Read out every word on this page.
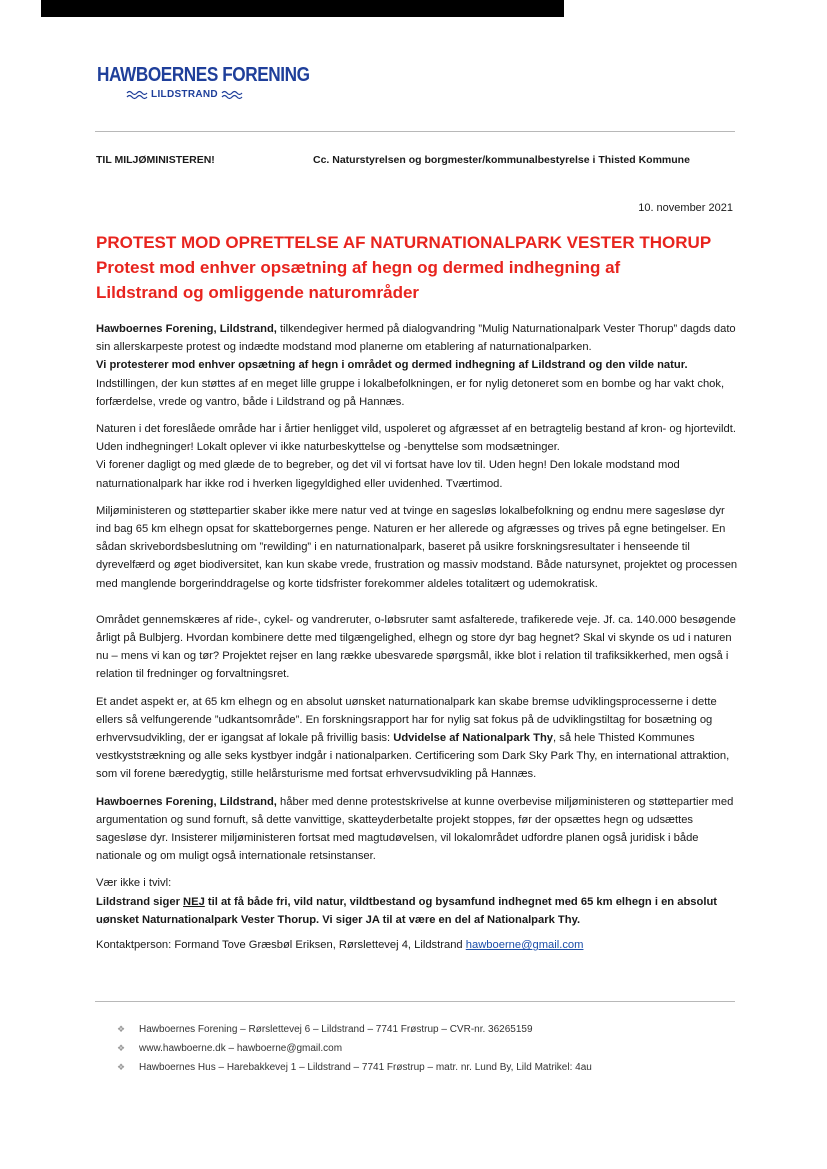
HAWBOERNES FORENING
LILDSTRAND
TIL MILJØMINISTEREN!	Cc. Naturstyrelsen og borgmester/kommunalbestyrelse i Thisted Kommune
10. november 2021
PROTEST MOD OPRETTELSE AF NATURNATIONALPARK VESTER THORUP
Protest mod enhver opsætning af hegn og dermed indhegning af
Lildstrand og omliggende naturområder

Hawboernes Forening, Lildstrand, tilkendegiver hermed på dialogvandring ”Mulig Naturnationalpark Vester Thorup” dagds dato sin allerskarpeste protest og indædte modstand mod planerne om etablering af naturnationalparken.
Vi protesterer mod enhver opsætning af hegn i området og dermed indhegning af Lildstrand og den vilde natur.
Indstillingen, der kun støttes af en meget lille gruppe i lokalbefolkningen, er for nylig detoneret som en bombe og har vakt chok, forfærdelse, vrede og vantro, både i Lildstrand og på Hannæs.

Naturen i det foreslåede område har i årtier henligget vild, uspoleret og afgræsset af en betragtelig bestand af kron- og hjortevildt. Uden indhegninger! Lokalt oplever vi ikke naturbeskyttelse og -benyttelse som modsætninger.
Vi forener dagligt og med glæde de to begreber, og det vil vi fortsat have lov til. Uden hegn! Den lokale modstand mod naturnationalpark har ikke rod i hverken ligegyldighed eller uvidenhed. Tværtimod.

Miljøministeren og støttepartier skaber ikke mere natur ved at tvinge en sagesløs lokalbefolkning og endnu mere sagesløse dyr ind bag 65 km elhegn opsat for skatteborgernes penge. Naturen er her allerede og afgræsses og trives på egne betingelser. En sådan skrivebordsbeslutning om ”rewilding” i en naturnationalpark, baseret på usikre forskningsresultater i henseende til dyrevelfærd og øget biodiversitet, kan kun skabe vrede, frustration og massiv modstand. Både natursynet, projektet og processen med manglende borgerinddragelse og korte tidsfrister forekommer aldeles totalitært og udemokratisk.

Området gennemskæres af ride-, cykel- og vandreruter, o-løbsruter samt asfalterede, trafikerede veje. Jf. ca. 140.000 besøgende årligt på Bulbjerg. Hvordan kombinere dette med tilgængelighed, elhegn og store dyr bag hegnet? Skal vi skynde os ud i naturen nu – mens vi kan og tør? Projektet rejser en lang række ubesvarede spørgsmål, ikke blot i relation til trafiksikkerhed, men også i relation til fredninger og forvaltningsret.

Et andet aspekt er, at 65 km elhegn og en absolut uønsket naturnationalpark kan skabe bremse udviklingsprocesserne i dette ellers så velfungerende ”udkantsområde”. En forskningsrapport har for nylig sat fokus på de udviklingstiltag for bosætning og erhvervsudvikling, der er igangsat af lokale på frivillig basis: Udvidelse af Nationalpark Thy, så hele Thisted Kommunes vestkyststrækning og alle seks kystbyer indgår i nationalparken. Certificering som Dark Sky Park Thy, en international attraktion, som vil forene bæredygtig, stille helårsturisme med fortsat erhvervsudvikling på Hannæs.

Hawboernes Forening, Lildstrand, håber med denne protestskrivelse at kunne overbevise miljøministeren og støttepartier med argumentation og sund fornuft, så dette vanvittige, skatteyderbetalte projekt stoppes, før der opsættes hegn og udsættes sagesløse dyr. Insisterer miljøministeren fortsat med magtudøvelsen, vil lokalområdet udfordre planen også juridisk i både nationale og om muligt også internationale retsinstanser.

Vær ikke i tvivl:
Lildstrand siger NEJ til at få både fri, vild natur, vildtbestand og bysamfund indhegnet med 65 km elhegn i en absolut uønsket Naturnationalpark Vester Thorup. Vi siger JA til at være en del af Nationalpark Thy.

Kontaktperson: Formand Tove Græsbøl Eriksen, Rørslettevej 4, Lildstrand hawboerne@gmail.com

❖	Hawboernes Forening – Rørslettevej 6 – Lildstrand – 7741 Frøstrup – CVR-nr. 36265159
❖	www.hawboerne.dk – hawboerne@gmail.com
❖	Hawboernes Hus – Harebakkevej 1 – Lildstrand – 7741 Frøstrup – matr. nr. Lund By, Lild Matrikel: 4au
